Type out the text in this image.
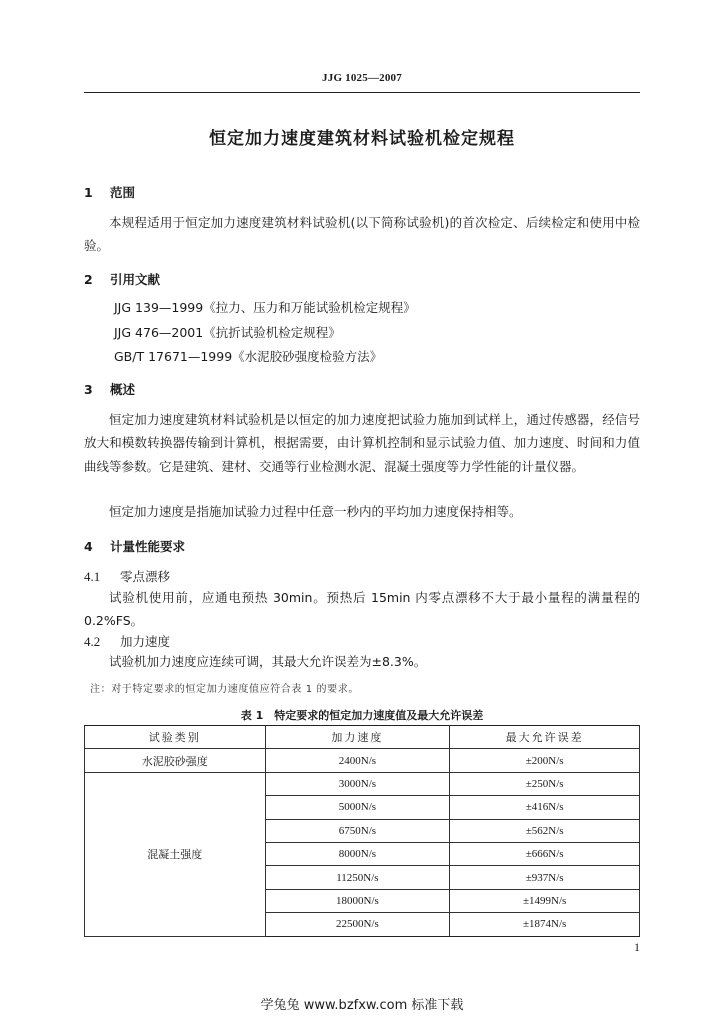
JJG 1025—2007
恒定加力速度建筑材料试验机检定规程
1 范围

本规程适用于恒定加力速度建筑材料试验机(以下简称试验机)的首次检定、后续检定和使用中检验。

2 引用文献
JJG 139—1999《拉力、压力和万能试验机检定规程》
JJG 476—2001《抗折试验机检定规程》
GB/T 17671—1999《水泥胶砂强度检验方法》
3 概述

恒定加力速度建筑材料试验机是以恒定的加力速度把试验力施加到试样上，通过传感器，经信号放大和模数转换器传输到计算机，根据需要，由计算机控制和显示试验力值、加力速度、时间和力值曲线等参数。它是建筑、建材、交通等行业检测水泥、混凝土强度等力学性能的计量仪器。

恒定加力速度是指施加试验力过程中任意一秒内的平均加力速度保持相等。

4 计量性能要求
4.1 零点漂移

试验机使用前，应通电预热 30min。预热后 15min 内零点漂移不大于最小量程的满量程的 0.2%FS。

4.2 加力速度

试验机加力速度应连续可调，其最大允许误差为±8.3%。

注：对于特定要求的恒定加力速度值应符合表 1 的要求。
表 1　特定要求的恒定加力速度值及最大允许误差
试验类别	加力速度	最大允许误差
水泥胶砂强度	2400N/s	±200N/s
混凝土强度	3000N/s	±250N/s
	5000N/s	±416N/s
	6750N/s	±562N/s
	8000N/s	±666N/s
	11250N/s	±937N/s
	18000N/s	±1499N/s
	22500N/s	±1874N/s
1
学兔兔 www.bzfxw.com 标准下载
